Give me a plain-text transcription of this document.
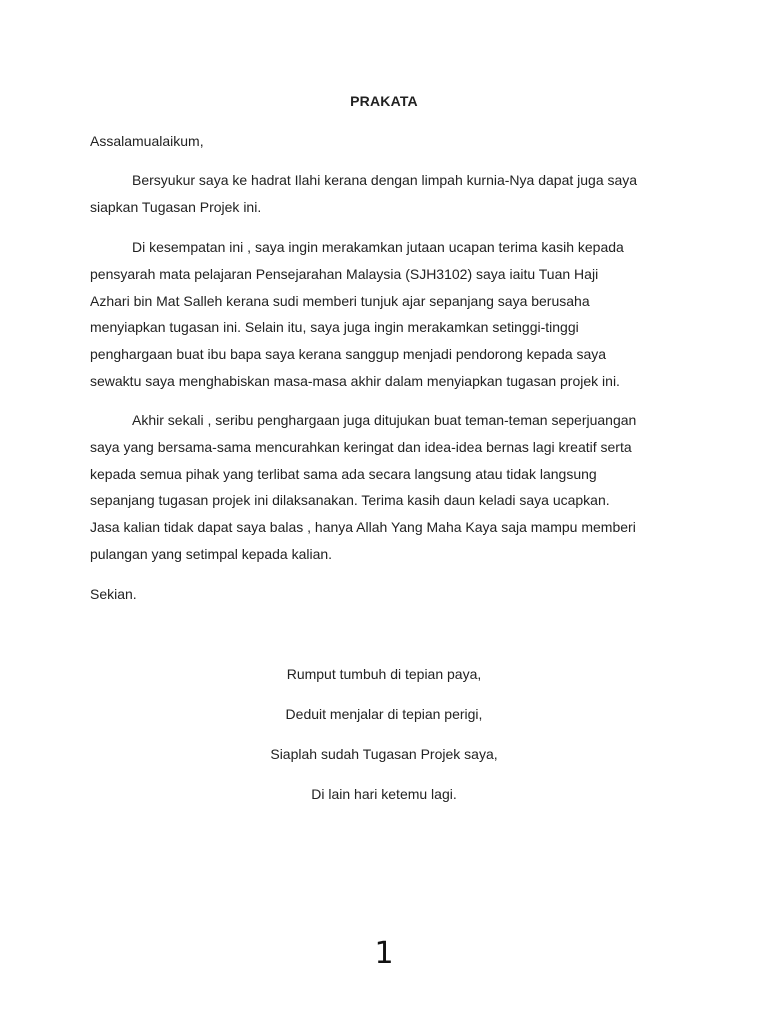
PRAKATA
Assalamualaikum,
Bersyukur saya ke hadrat Ilahi kerana dengan limpah kurnia-Nya dapat juga saya
siapkan Tugasan Projek ini.
Di kesempatan ini , saya ingin merakamkan jutaan ucapan terima kasih kepada
pensyarah mata pelajaran Pensejarahan Malaysia (SJH3102) saya iaitu Tuan Haji
Azhari bin Mat Salleh kerana sudi memberi tunjuk ajar sepanjang saya berusaha
menyiapkan tugasan ini. Selain itu, saya juga ingin merakamkan setinggi-tinggi
penghargaan buat ibu bapa saya kerana sanggup menjadi pendorong kepada saya
sewaktu saya menghabiskan masa-masa akhir dalam menyiapkan tugasan projek ini.
Akhir sekali , seribu penghargaan juga ditujukan buat teman-teman seperjuangan
saya yang bersama-sama mencurahkan keringat dan idea-idea bernas lagi kreatif serta
kepada semua pihak yang terlibat sama ada secara langsung atau tidak langsung
sepanjang tugasan projek ini dilaksanakan. Terima kasih daun keladi saya ucapkan.
Jasa kalian tidak dapat saya balas , hanya Allah Yang Maha Kaya saja mampu memberi
pulangan yang setimpal kepada kalian.
Sekian.
Rumput tumbuh di tepian paya,
Deduit menjalar di tepian perigi,
Siaplah sudah Tugasan Projek saya,
Di lain hari ketemu lagi.
1
